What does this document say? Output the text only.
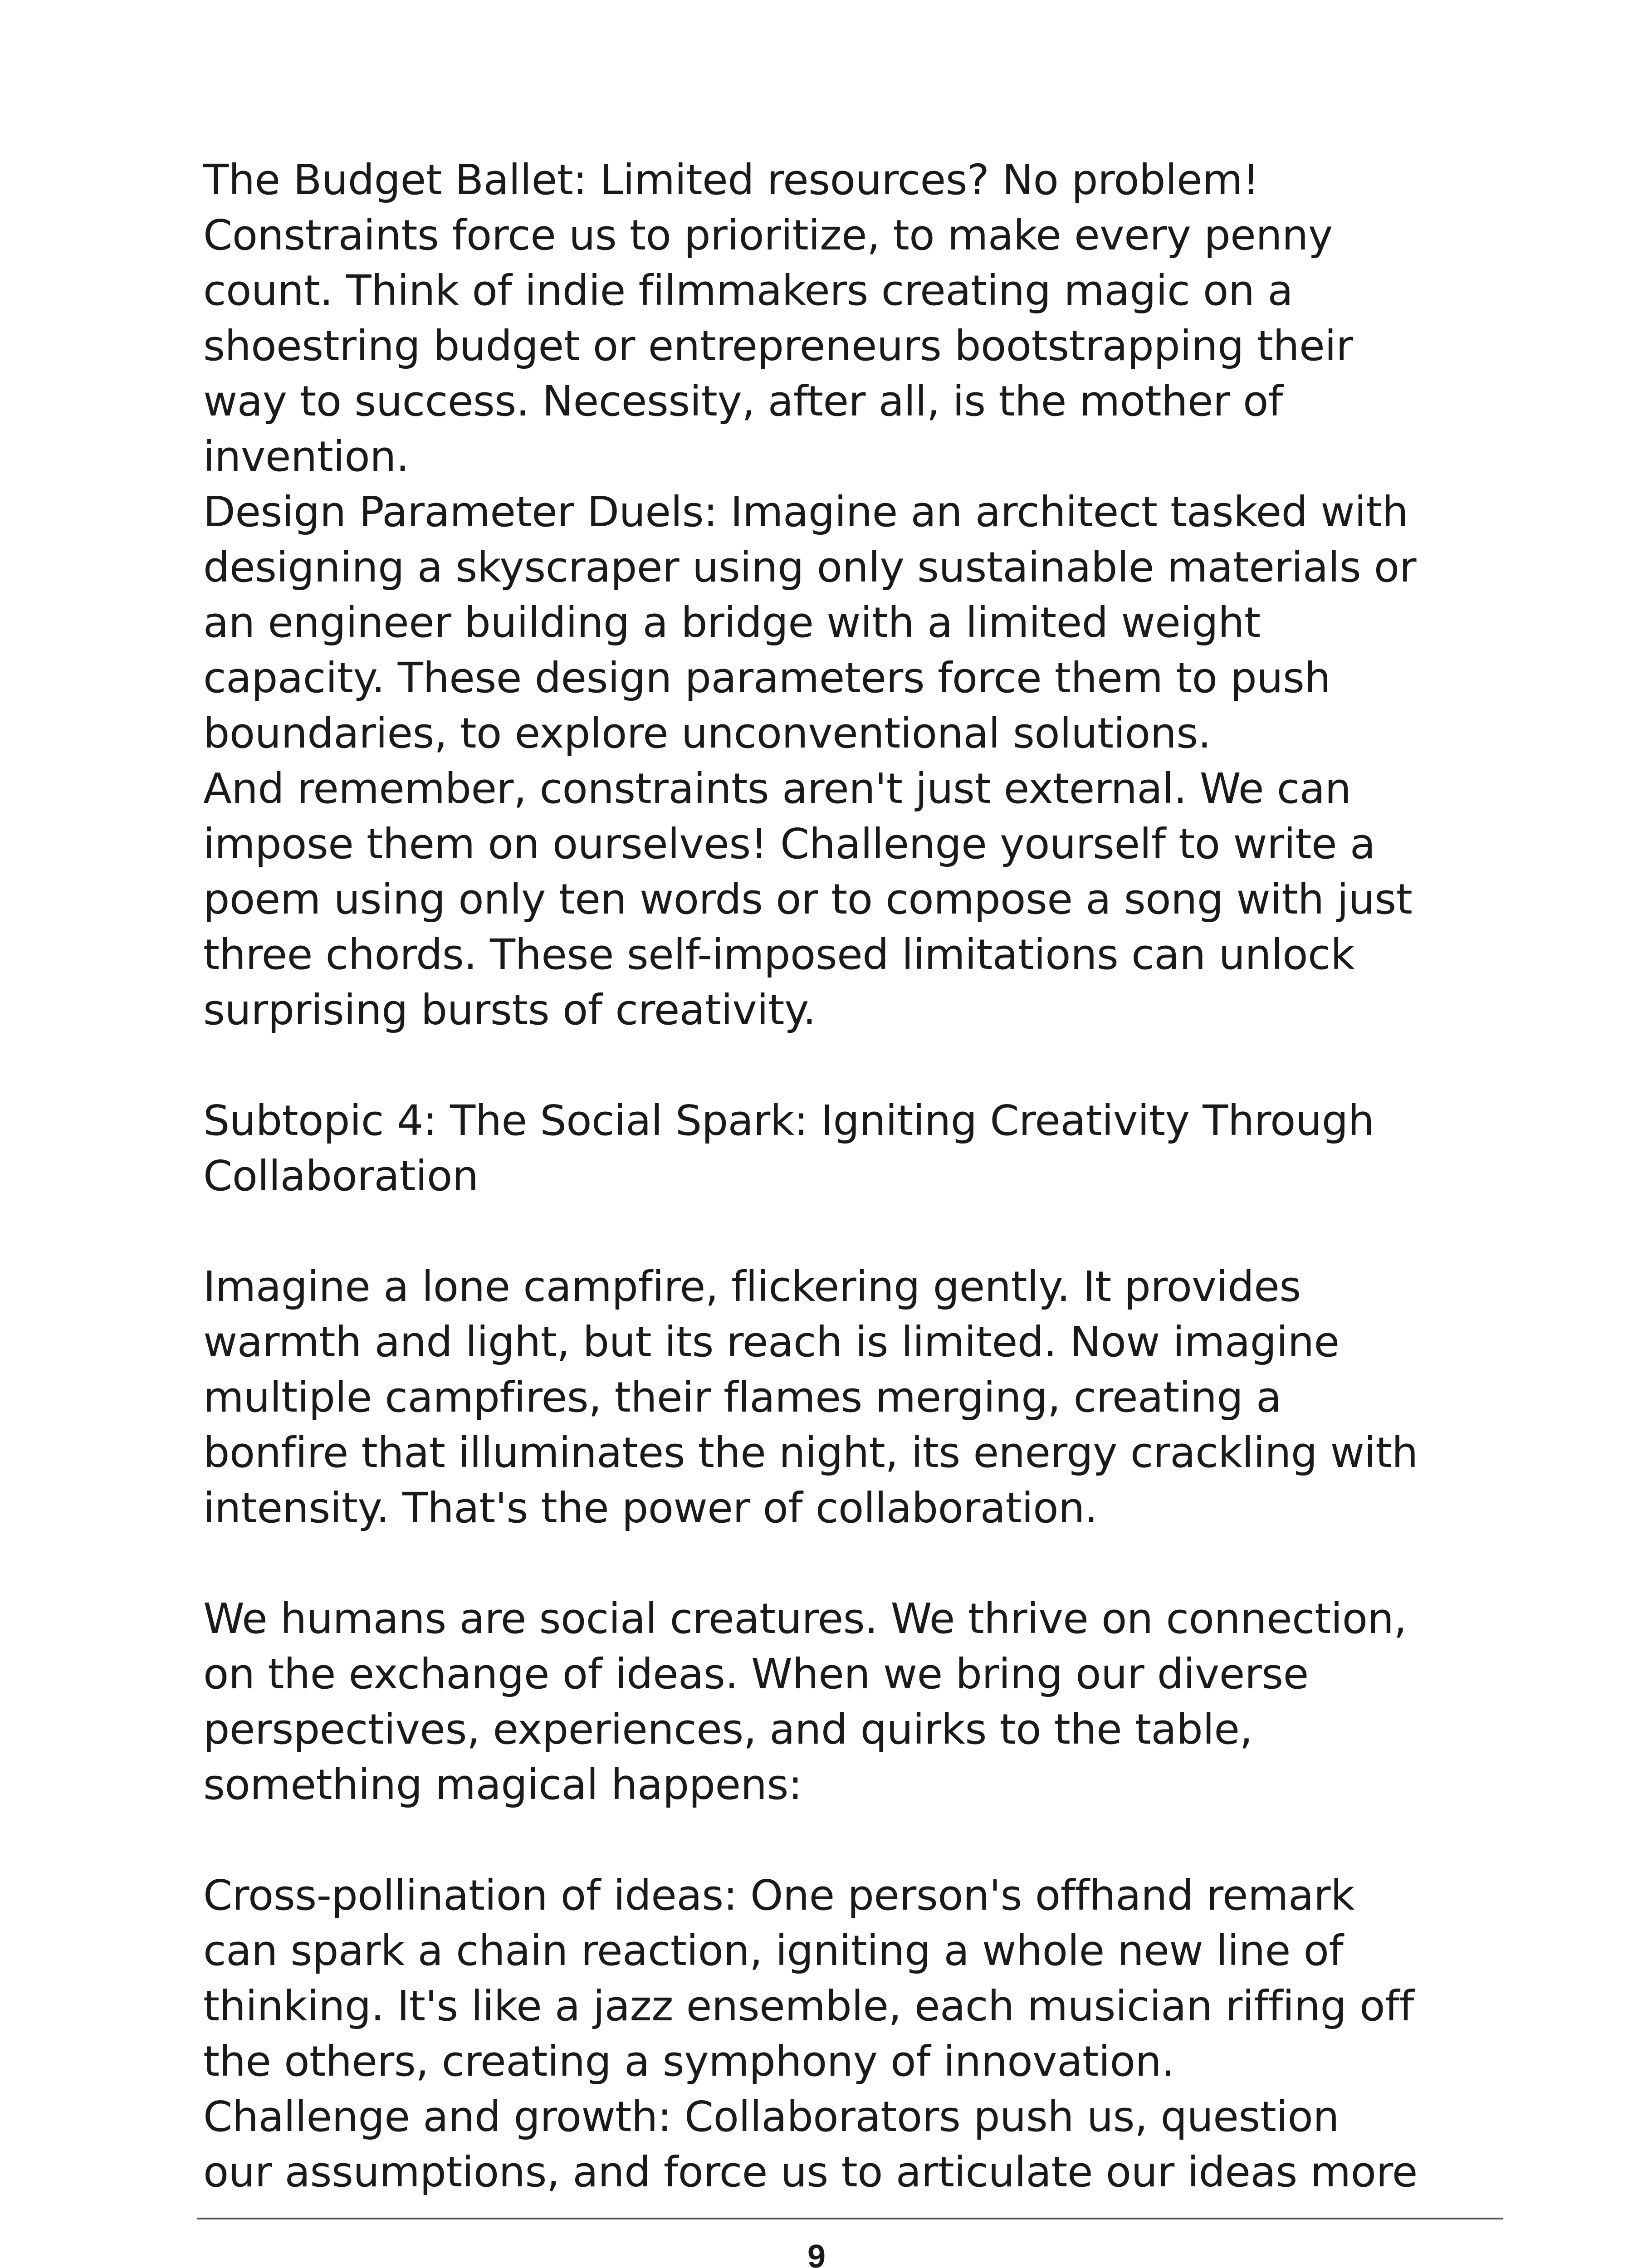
The Budget Ballet: Limited resources? No problem!
Constraints force us to prioritize, to make every penny
count. Think of indie filmmakers creating magic on a
shoestring budget or entrepreneurs bootstrapping their
way to success. Necessity, after all, is the mother of
invention.
Design Parameter Duels: Imagine an architect tasked with
designing a skyscraper using only sustainable materials or
an engineer building a bridge with a limited weight
capacity. These design parameters force them to push
boundaries, to explore unconventional solutions.
And remember, constraints aren't just external. We can
impose them on ourselves! Challenge yourself to write a
poem using only ten words or to compose a song with just
three chords. These self-imposed limitations can unlock
surprising bursts of creativity.
Subtopic 4: The Social Spark: Igniting Creativity Through
Collaboration
Imagine a lone campfire, flickering gently. It provides
warmth and light, but its reach is limited. Now imagine
multiple campfires, their flames merging, creating a
bonfire that illuminates the night, its energy crackling with
intensity. That's the power of collaboration.
We humans are social creatures. We thrive on connection,
on the exchange of ideas. When we bring our diverse
perspectives, experiences, and quirks to the table,
something magical happens:
Cross-pollination of ideas: One person's offhand remark
can spark a chain reaction, igniting a whole new line of
thinking. It's like a jazz ensemble, each musician riffing off
the others, creating a symphony of innovation.
Challenge and growth: Collaborators push us, question
our assumptions, and force us to articulate our ideas more
9
